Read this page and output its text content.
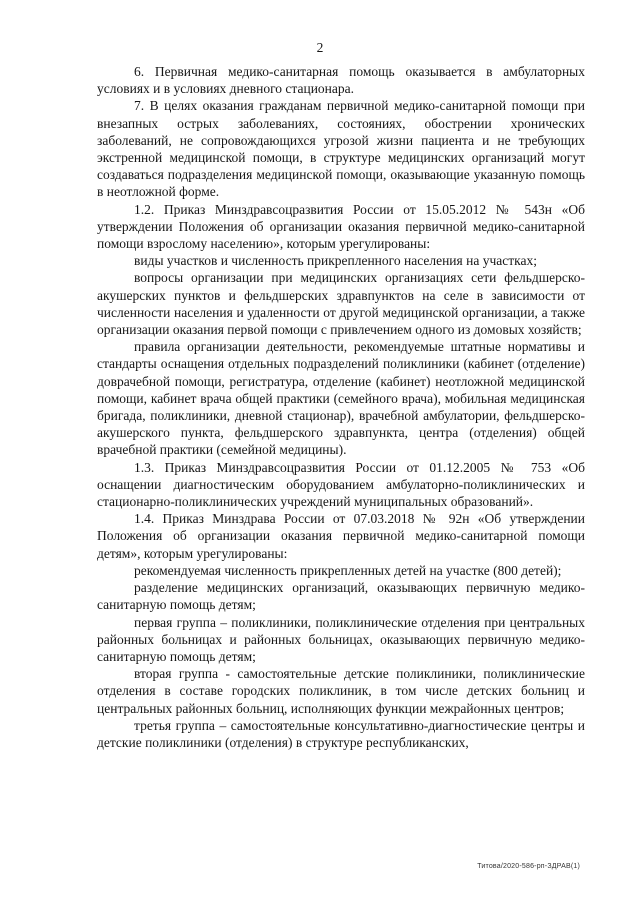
2

6. Первичная медико-санитарная помощь оказывается в амбулаторных условиях и в условиях дневного стационара.

7. В целях оказания гражданам первичной медико-санитарной помощи при внезапных острых заболеваниях, состояниях, обострении хронических заболеваний, не сопровождающихся угрозой жизни пациента и не требующих экстренной медицинской помощи, в структуре медицинских организаций могут создаваться подразделения медицинской помощи, оказывающие указанную помощь в неотложной форме.

1.2. Приказ Минздравсоцразвития России от 15.05.2012 № 543н «Об утверждении Положения об организации оказания первичной медико-санитарной помощи взрослому населению», которым урегулированы:

виды участков и численность прикрепленного населения на участках;

вопросы организации при медицинских организациях сети фельдшерско-акушерских пунктов и фельдшерских здравпунктов на селе в зависимости от численности населения и удаленности от другой медицинской организации, а также организации оказания первой помощи с привлечением одного из домовых хозяйств;

правила организации деятельности, рекомендуемые штатные нормативы и стандарты оснащения отдельных подразделений поликлиники (кабинет (отделение) доврачебной помощи, регистратура, отделение (кабинет) неотложной медицинской помощи, кабинет врача общей практики (семейного врача), мобильная медицинская бригада, поликлиники, дневной стационар), врачебной амбулатории, фельдшерско-акушерского пункта, фельдшерского здравпункта, центра (отделения) общей врачебной практики (семейной медицины).

1.3. Приказ Минздравсоцразвития России от 01.12.2005 № 753 «Об оснащении диагностическим оборудованием амбулаторно-поликлинических и стационарно-поликлинических учреждений муниципальных образований».

1.4. Приказ Минздрава России от 07.03.2018 № 92н «Об утверждении Положения об организации оказания первичной медико-санитарной помощи детям», которым урегулированы:

рекомендуемая численность прикрепленных детей на участке (800 детей);

разделение медицинских организаций, оказывающих первичную медико-санитарную помощь детям;

первая группа – поликлиники, поликлинические отделения при центральных районных больницах и районных больницах, оказывающих первичную медико-санитарную помощь детям;

вторая группа - самостоятельные детские поликлиники, поликлинические отделения в составе городских поликлиник, в том числе детских больниц и центральных районных больниц, исполняющих функции межрайонных центров;

третья группа – самостоятельные консультативно-диагностические центры и детские поликлиники (отделения) в структуре республиканских,

Титова/2020-586-рп-ЗДРАВ(1)
